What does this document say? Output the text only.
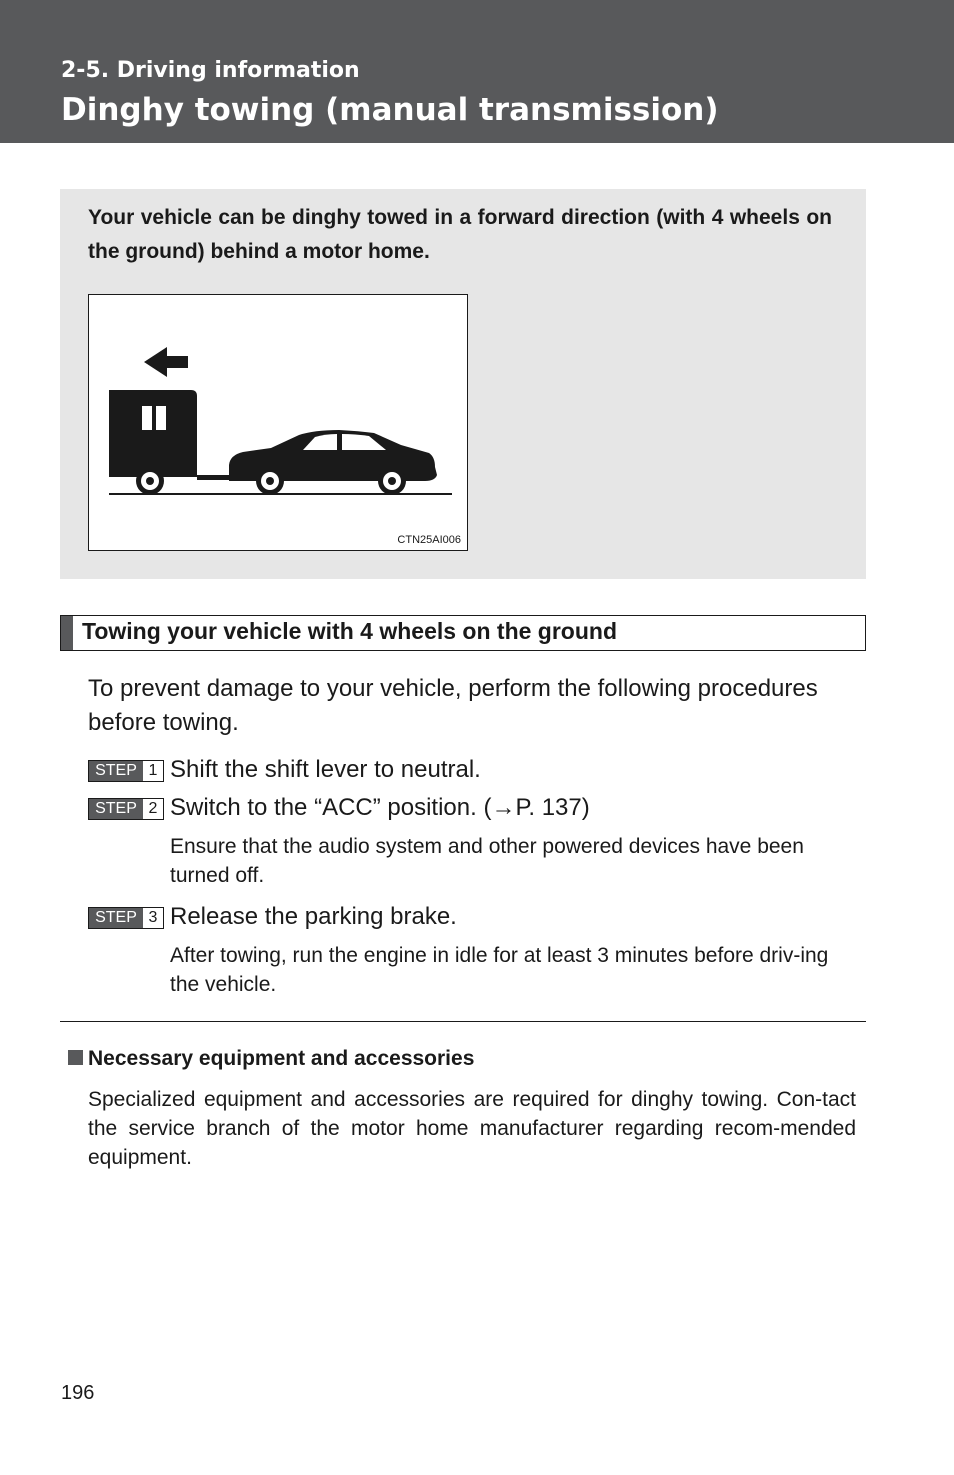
2-5. Driving information
Dinghy towing (manual transmission)
Your vehicle can be dinghy towed in a forward direction (with 4 wheels on the ground) behind a motor home.
CTN25AI006
Towing your vehicle with 4 wheels on the ground
To prevent damage to your vehicle, perform the following procedures before towing.
STEP 1 Shift the shift lever to neutral.
STEP 2 Switch to the “ACC” position. (→P. 137)
Ensure that the audio system and other powered devices have been turned off.
STEP 3 Release the parking brake.
After towing, run the engine in idle for at least 3 minutes before driv-ing the vehicle.
Necessary equipment and accessories
Specialized equipment and accessories are required for dinghy towing. Con-tact the service branch of the motor home manufacturer regarding recom-mended equipment.
196
